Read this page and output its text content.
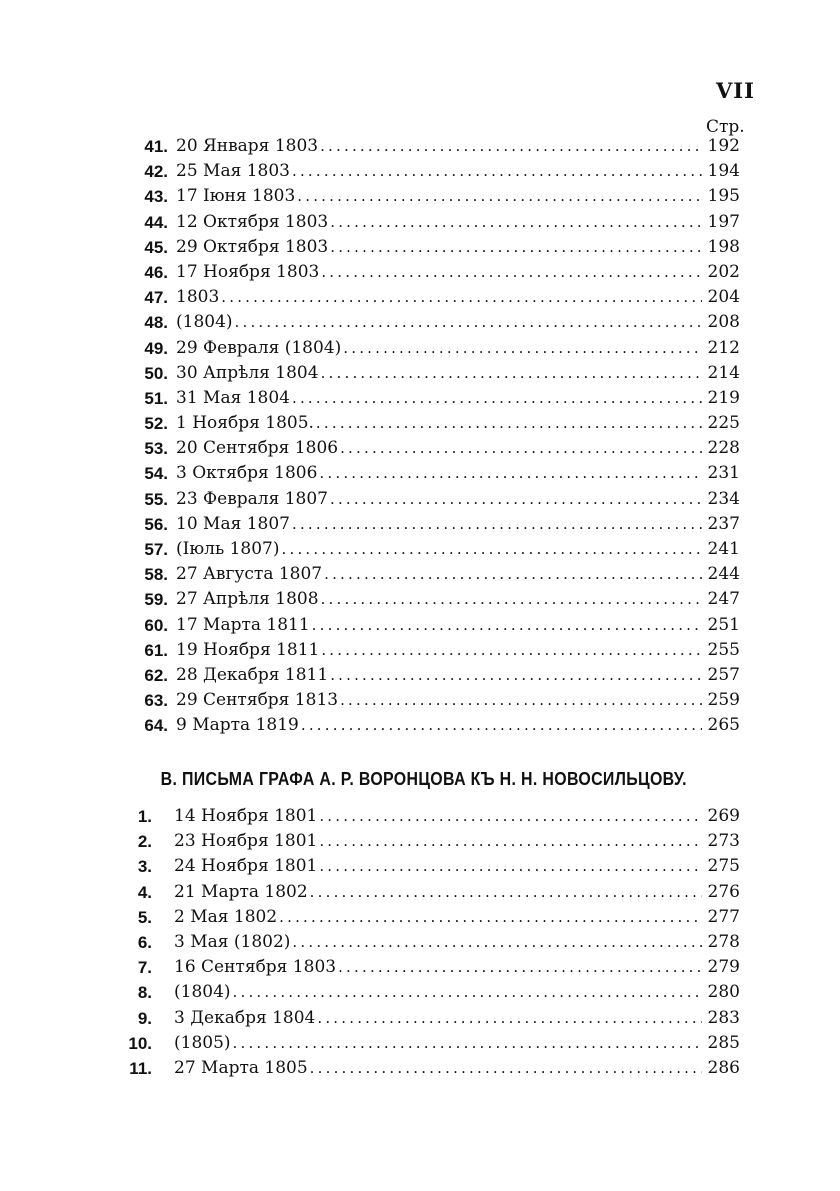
VII
Стр.
41. 20 Января 1803 .....	192
42. 25 Мая 1803 .....	194
43. 17 Іюня 1803 .....	195
44. 12 Октября 1803 .....	197
45. 29 Октября 1803 .....	198
46. 17 Ноября 1803 .....	202
47. 1803 .....	204
48. (1804) .....	208
49. 29 Февраля (1804) .....	212
50. 30 Апрѣля 1804 .....	214
51. 31 Мая 1804 .....	219
52. 1 Ноября 1805. .....	225
53. 20 Сентября 1806 .....	228
54. 3 Октября 1806 .....	231
55. 23 Февраля 1807 .....	234
56. 10 Мая 1807 .....	237
57. (Іюль 1807) .....	241
58. 27 Августа 1807 .....	244
59. 27 Апрѣля 1808 .....	247
60. 17 Марта 1811 .....	251
61. 19 Ноября 1811 .....	255
62. 28 Декабря 1811 .....	257
63. 29 Сентября 1813 .....	259
64. 9 Марта 1819 .....	265
В. ПИСЬМА ГРАФА А. Р. ВОРОНЦОВА КЪ Н. Н. НОВОСИЛЬЦОВУ.
1. 14 Ноября 1801 .....	269
2. 23 Ноября 1801 .....	273
3. 24 Ноября 1801 .....	275
4. 21 Марта 1802 .....	276
5. 2 Мая 1802 .....	277
6. 3 Мая (1802) .....	278
7. 16 Сентября 1803 .....	279
8. (1804) .....	280
9. 3 Декабря 1804 .....	283
10. (1805) .....	285
11. 27 Марта 1805 .....	286
